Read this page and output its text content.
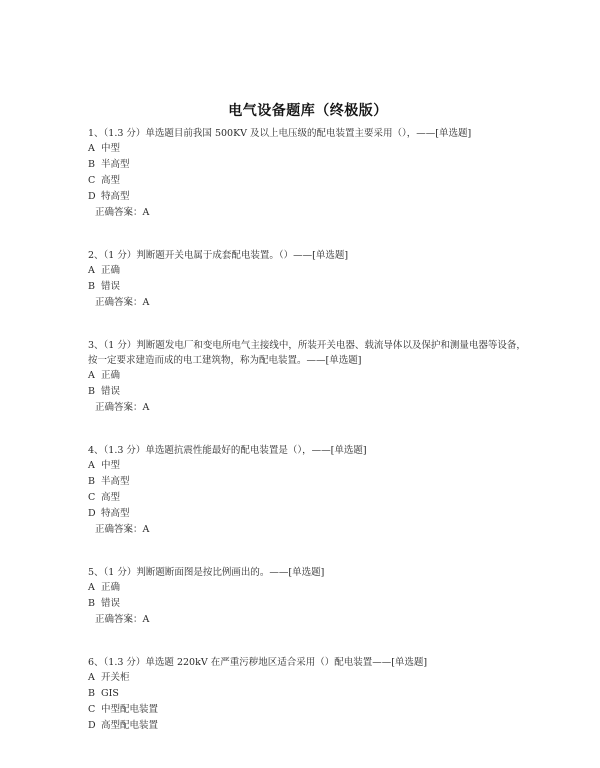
电气设备题库（终极版）

1、（1.3 分）单选题目前我国 500KV 及以上电压级的配电装置主要采用（），——[单选题]

A 中型
B 半高型
C 高型
D 特高型

正确答案：A

2、（1 分）判断题开关电属于成套配电装置。（）——[单选题]

A 正确
B 错误

正确答案：A

3、（1 分）判断题发电厂和变电所电气主接线中，所装开关电器、载流导体以及保护和测量电器等设备，按一定要求建造而成的电工建筑物，称为配电装置。——[单选题]

A 正确
B 错误

正确答案：A

4、（1.3 分）单选题抗震性能最好的配电装置是（），——[单选题]

A 中型
B 半高型
C 高型
D 特高型

正确答案：A

5、（1 分）判断题断面图是按比例画出的。——[单选题]

A 正确
B 错误

正确答案：A

6、（1.3 分）单选题 220kV 在严重污秽地区适合采用（）配电装置——[单选题]

A 开关柜
B GIS
C 中型配电装置
D 高型配电装置
